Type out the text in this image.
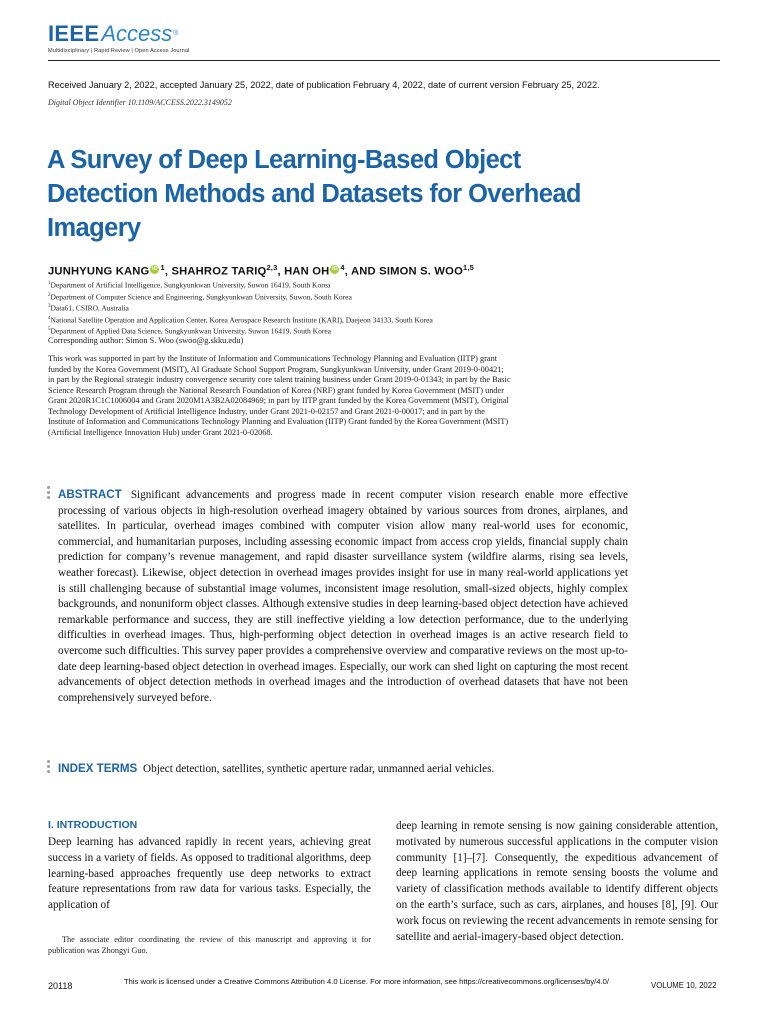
IEEEAccess®
Multidisciplinary | Rapid Review | Open Access Journal
Received January 2, 2022, accepted January 25, 2022, date of publication February 4, 2022, date of current version February 25, 2022.
Digital Object Identifier 10.1109/ACCESS.2022.3149052
A Survey of Deep Learning-Based Object Detection Methods and Datasets for Overhead Imagery
JUNHYUNG KANG iD $^1$, SHAHROZ TARIQ$^{2,3}$, HAN OH iD $^4$, AND SIMON S. WOO$^{1,5}$
$^1$Department of Artificial Intelligence, Sungkyunkwan University, Suwon 16419, South Korea
$^2$Department of Computer Science and Engineering, Sungkyunkwan University, Suwon, South Korea
$^3$Data61, CSIRO, Australia
$^4$National Satellite Operation and Application Center, Korea Aerospace Research Institute (KARI), Daejeon 34133, South Korea
$^5$Department of Applied Data Science, Sungkyunkwan University, Suwon 16419, South Korea
Corresponding author: Simon S. Woo (swoo@g.skku.edu)
This work was supported in part by the Institute of Information and Communications Technology Planning and Evaluation (IITP) grant
funded by the Korea Government (MSIT), AI Graduate School Support Program, Sungkyunkwan University, under Grant 2019-0-00421;
in part by the Regional strategic industry convergence security core talent training business under Grant 2019-0-01343; in part by the Basic
Science Research Program through the National Research Foundation of Korea (NRF) grant funded by Korea Government (MSIT) under
Grant 2020R1C1C1006004 and Grant 2020M1A3B2A02084969; in part by IITP grant funded by the Korea Government (MSIT), Original
Technology Development of Artificial Intelligence Industry, under Grant 2021-0-02157 and Grant 2021-0-00017; and in part by the
Institute of Information and Communications Technology Planning and Evaluation (IITP) Grant funded by the Korea Government (MSIT)
(Artificial Intelligence Innovation Hub) under Grant 2021-0-02068.
ABSTRACT Significant advancements and progress made in recent computer vision research enable more effective processing of various objects in high-resolution overhead imagery obtained by various sources from drones, airplanes, and satellites. In particular, overhead images combined with computer vision allow many real-world uses for economic, commercial, and humanitarian purposes, including assessing economic impact from access crop yields, financial supply chain prediction for company’s revenue management, and rapid disaster surveillance system (wildfire alarms, rising sea levels, weather forecast). Likewise, object detection in overhead images provides insight for use in many real-world applications yet is still challenging because of substantial image volumes, inconsistent image resolution, small-sized objects, highly complex backgrounds, and nonuniform object classes. Although extensive studies in deep learning-based object detection have achieved remarkable performance and success, they are still ineffective yielding a low detection performance, due to the underlying difficulties in overhead images. Thus, high-performing object detection in overhead images is an active research field to overcome such difficulties. This survey paper provides a comprehensive overview and comparative reviews on the most up-to-date deep learning-based object detection in overhead images. Especially, our work can shed light on capturing the most recent advancements of object detection methods in overhead images and the introduction of overhead datasets that have not been comprehensively surveyed before.
INDEX TERMS Object detection, satellites, synthetic aperture radar, unmanned aerial vehicles.
I. INTRODUCTION
Deep learning has advanced rapidly in recent years, achieving great success in a variety of fields. As opposed to traditional algorithms, deep learning-based approaches frequently use deep networks to extract feature representations from raw data for various tasks. Especially, the application of
deep learning in remote sensing is now gaining considerable attention, motivated by numerous successful applications in the computer vision community [1]–[7]. Consequently, the expeditious advancement of deep learning applications in remote sensing boosts the volume and variety of classification methods available to identify different objects on the earth’s surface, such as cars, airplanes, and houses [8], [9]. Our work focus on reviewing the recent advancements in remote sensing for satellite and aerial-imagery-based object detection.
The associate editor coordinating the review of this manuscript and approving it for publication was Zhongyi Guo.
20118	This work is licensed under a Creative Commons Attribution 4.0 License. For more information, see https://creativecommons.org/licenses/by/4.0/	VOLUME 10, 2022
